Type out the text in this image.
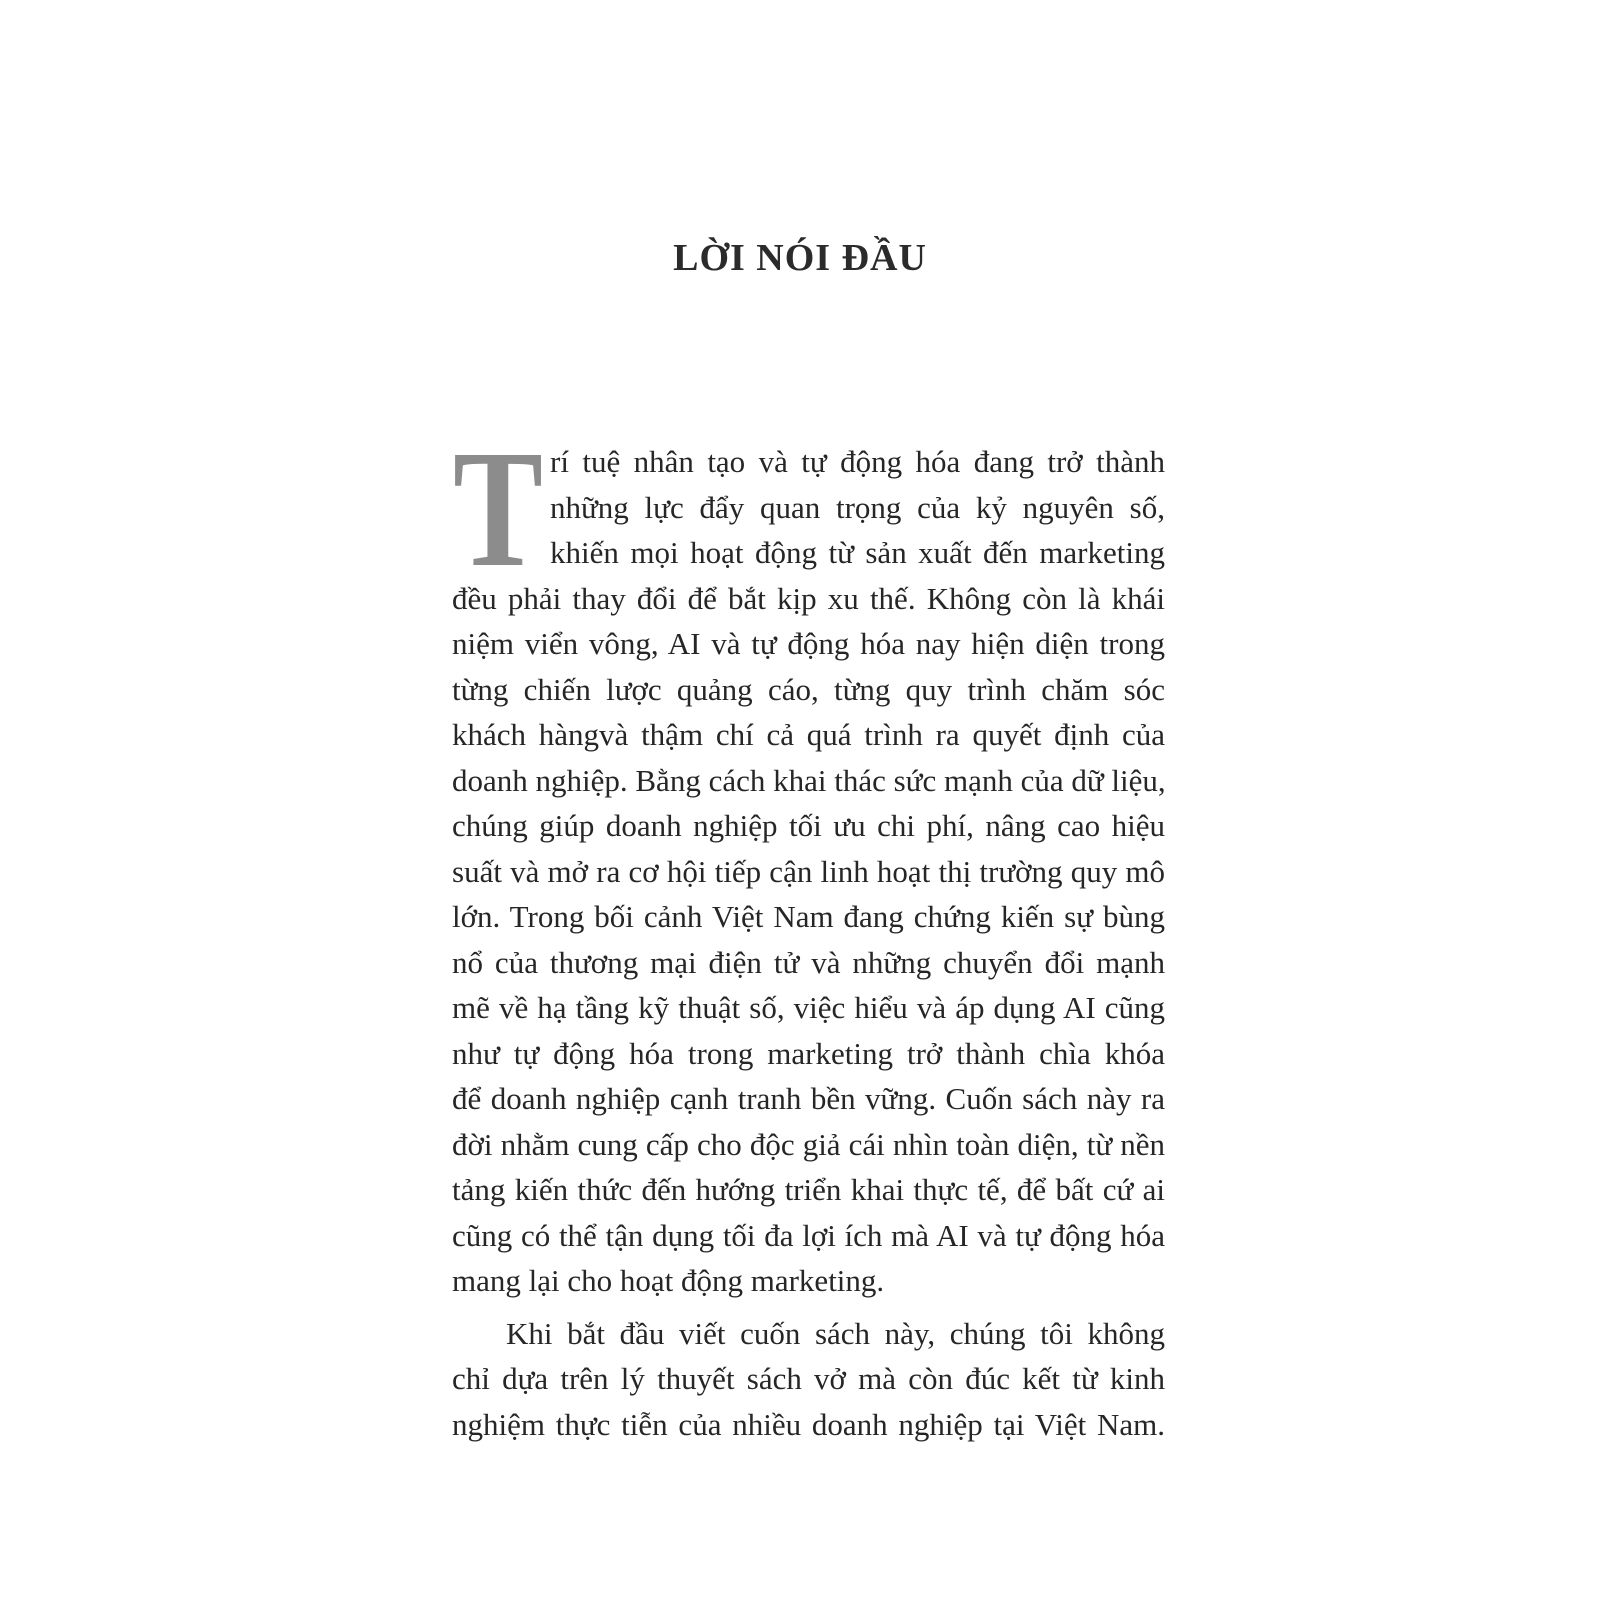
LỜI NÓI ĐẦU
T rí tuệ nhân tạo và tự động hóa đang trở thành
những lực đẩy quan trọng của kỷ nguyên số,
khiến mọi hoạt động từ sản xuất đến marketing
đều phải thay đổi để bắt kịp xu thế. Không còn là khái
niệm viển vông, AI và tự động hóa nay hiện diện trong
từng chiến lược quảng cáo, từng quy trình chăm sóc
khách hàngvà thậm chí cả quá trình ra quyết định của
doanh nghiệp. Bằng cách khai thác sức mạnh của dữ liệu,
chúng giúp doanh nghiệp tối ưu chi phí, nâng cao hiệu
suất và mở ra cơ hội tiếp cận linh hoạt thị trường quy mô
lớn. Trong bối cảnh Việt Nam đang chứng kiến sự bùng
nổ của thương mại điện tử và những chuyển đổi mạnh
mẽ về hạ tầng kỹ thuật số, việc hiểu và áp dụng AI cũng
như tự động hóa trong marketing trở thành chìa khóa
để doanh nghiệp cạnh tranh bền vững. Cuốn sách này ra
đời nhằm cung cấp cho độc giả cái nhìn toàn diện, từ nền
tảng kiến thức đến hướng triển khai thực tế, để bất cứ ai
cũng có thể tận dụng tối đa lợi ích mà AI và tự động hóa
mang lại cho hoạt động marketing.
Khi bắt đầu viết cuốn sách này, chúng tôi không
chỉ dựa trên lý thuyết sách vở mà còn đúc kết từ kinh
nghiệm thực tiễn của nhiều doanh nghiệp tại Việt Nam.
